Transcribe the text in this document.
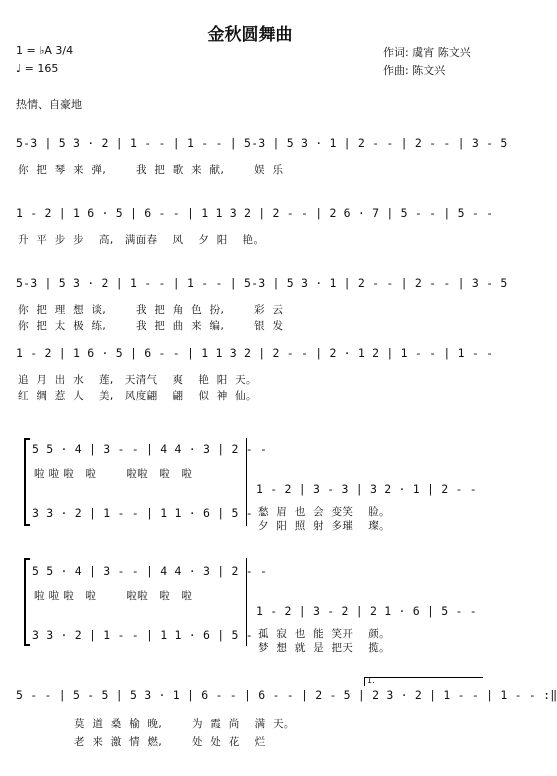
金秋圆舞曲
1 = ♭A 3/4
♩ = 165
作词: 虞宵 陈文兴
作曲: 陈文兴
热情、自豪地
5-3 | 5 3 · 2 | 1 - - | 1 - - | 5-3 | 5 3 · 1 | 2 - - | 2 - - | 3 - 5
你  把  琴  来  弹,        我  把  歌  来  献,        娱  乐
1 - 2 | 1 6 · 5 | 6 - - | 1 1 3 2 | 2 - - | 2 6 · 7 | 5 - - | 5 - -
升  平  步  步    高,   满面春    风    夕  阳    艳。
5-3 | 5 3 · 2 | 1 - - | 1 - - | 5-3 | 5 3 · 1 | 2 - - | 2 - - | 3 - 5
你  把  理  想  谈,        我  把  角  色  扮,        彩  云
你  把  太  极  练,        我  把  曲  来  编,        银  发
1 - 2 | 1 6 · 5 | 6 - - | 1 1 3 2 | 2 - - | 2 · 1 2 | 1 - - | 1 - -
追  月  出  水    莲,   天清气    爽    艳  阳  天。
红  绸  惹  人    美,   风度翩    翩    似  神  仙。
5 5 · 4 | 3 - - | 4 4 · 3 | 2 - -
啦 啦 啦   啦        啦啦   啦   啦
3 3 · 2 | 1 - - | 1 1 · 6 | 5 - -
1 - 2 | 3 - 3 | 3 2 · 1 | 2 - -
愁  眉  也  会  变笑    脸。
夕  阳  照  射  多璀    璨。
5 5 · 4 | 3 - - | 4 4 · 3 | 2 - -
啦 啦 啦   啦        啦啦   啦   啦
3 3 · 2 | 1 - - | 1 1 · 6 | 5 - -
1 - 2 | 3 - 2 | 2 1 · 6 | 5 - -
孤  寂  也  能  笑开    颜。
梦  想  就  是  把天    揽。
1.
5 - - | 5 - 5 | 5 3 · 1 | 6 - - | 6 - - | 2 - 5 | 2 3 · 2 | 1 - - | 1 - - :‖
莫  道  桑  榆  晚,        为  霞  尚    满  天。
老  来  激  情  燃,        处  处  花    烂
